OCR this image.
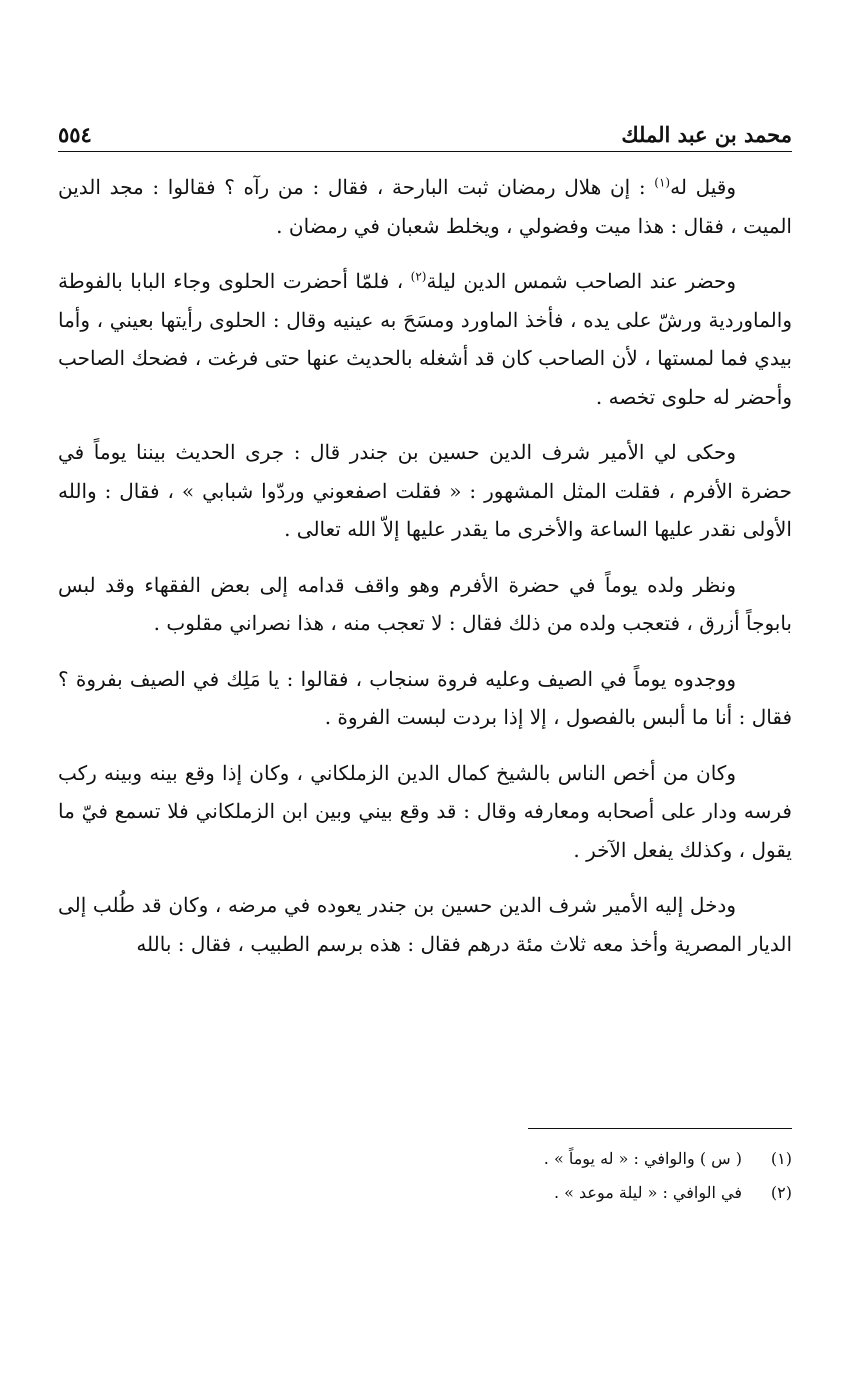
محمد بن عبد الملك
٥٥٤

وقيل له$^{(١)}$ : إن هلال رمضان ثبت البارحة ، فقال : من رآه ؟ فقالوا : مجد الدين الميت ، فقال : هذا ميت وفضولي ، ويخلط شعبان في رمضان .

وحضر عند الصاحب شمس الدين ليلة$^{(٢)}$ ، فلمّا أحضرت الحلوى وجاء البابا بالفوطة والماوردية ورشّ على يده ، فأخذ الماورد ومسَحَ به عينيه وقال : الحلوى رأيتها بعيني ، وأما بيدي فما لمستها ، لأن الصاحب كان قد أشغله بالحديث عنها حتى فرغت ، فضحك الصاحب وأحضر له حلوى تخصه .

وحكى لي الأمير شرف الدين حسين بن جندر قال : جرى الحديث بيننا يوماً في حضرة الأفرم ، فقلت المثل المشهور : « فقلت اصفعوني وردّوا شبابي » ، فقال : والله الأولى نقدر عليها الساعة والأخرى ما يقدر عليها إلاّ الله تعالى .

ونظر ولده يوماً في حضرة الأفرم وهو واقف قدامه إلى بعض الفقهاء وقد لبس بابوجاً أزرق ، فتعجب ولده من ذلك فقال : لا تعجب منه ، هذا نصراني مقلوب .

ووجدوه يوماً في الصيف وعليه فروة سنجاب ، فقالوا : يا مَلِك في الصيف بفروة ؟ فقال : أنا ما ألبس بالفصول ، إلا إذا بردت لبست الفروة .

وكان من أخص الناس بالشيخ كمال الدين الزملكاني ، وكان إذا وقع بينه وبينه ركب فرسه ودار على أصحابه ومعارفه وقال : قد وقع بيني وبين ابن الزملكاني فلا تسمع فيّ ما يقول ، وكذلك يفعل الآخر .

ودخل إليه الأمير شرف الدين حسين بن جندر يعوده في مرضه ، وكان قد طُلب إلى الديار المصرية وأخذ معه ثلاث مئة درهم فقال : هذه برسم الطبيب ، فقال : بالله

(١)
( س ) والوافي : « له يوماً » .
(٢)
في الوافي : « ليلة موعد » .
